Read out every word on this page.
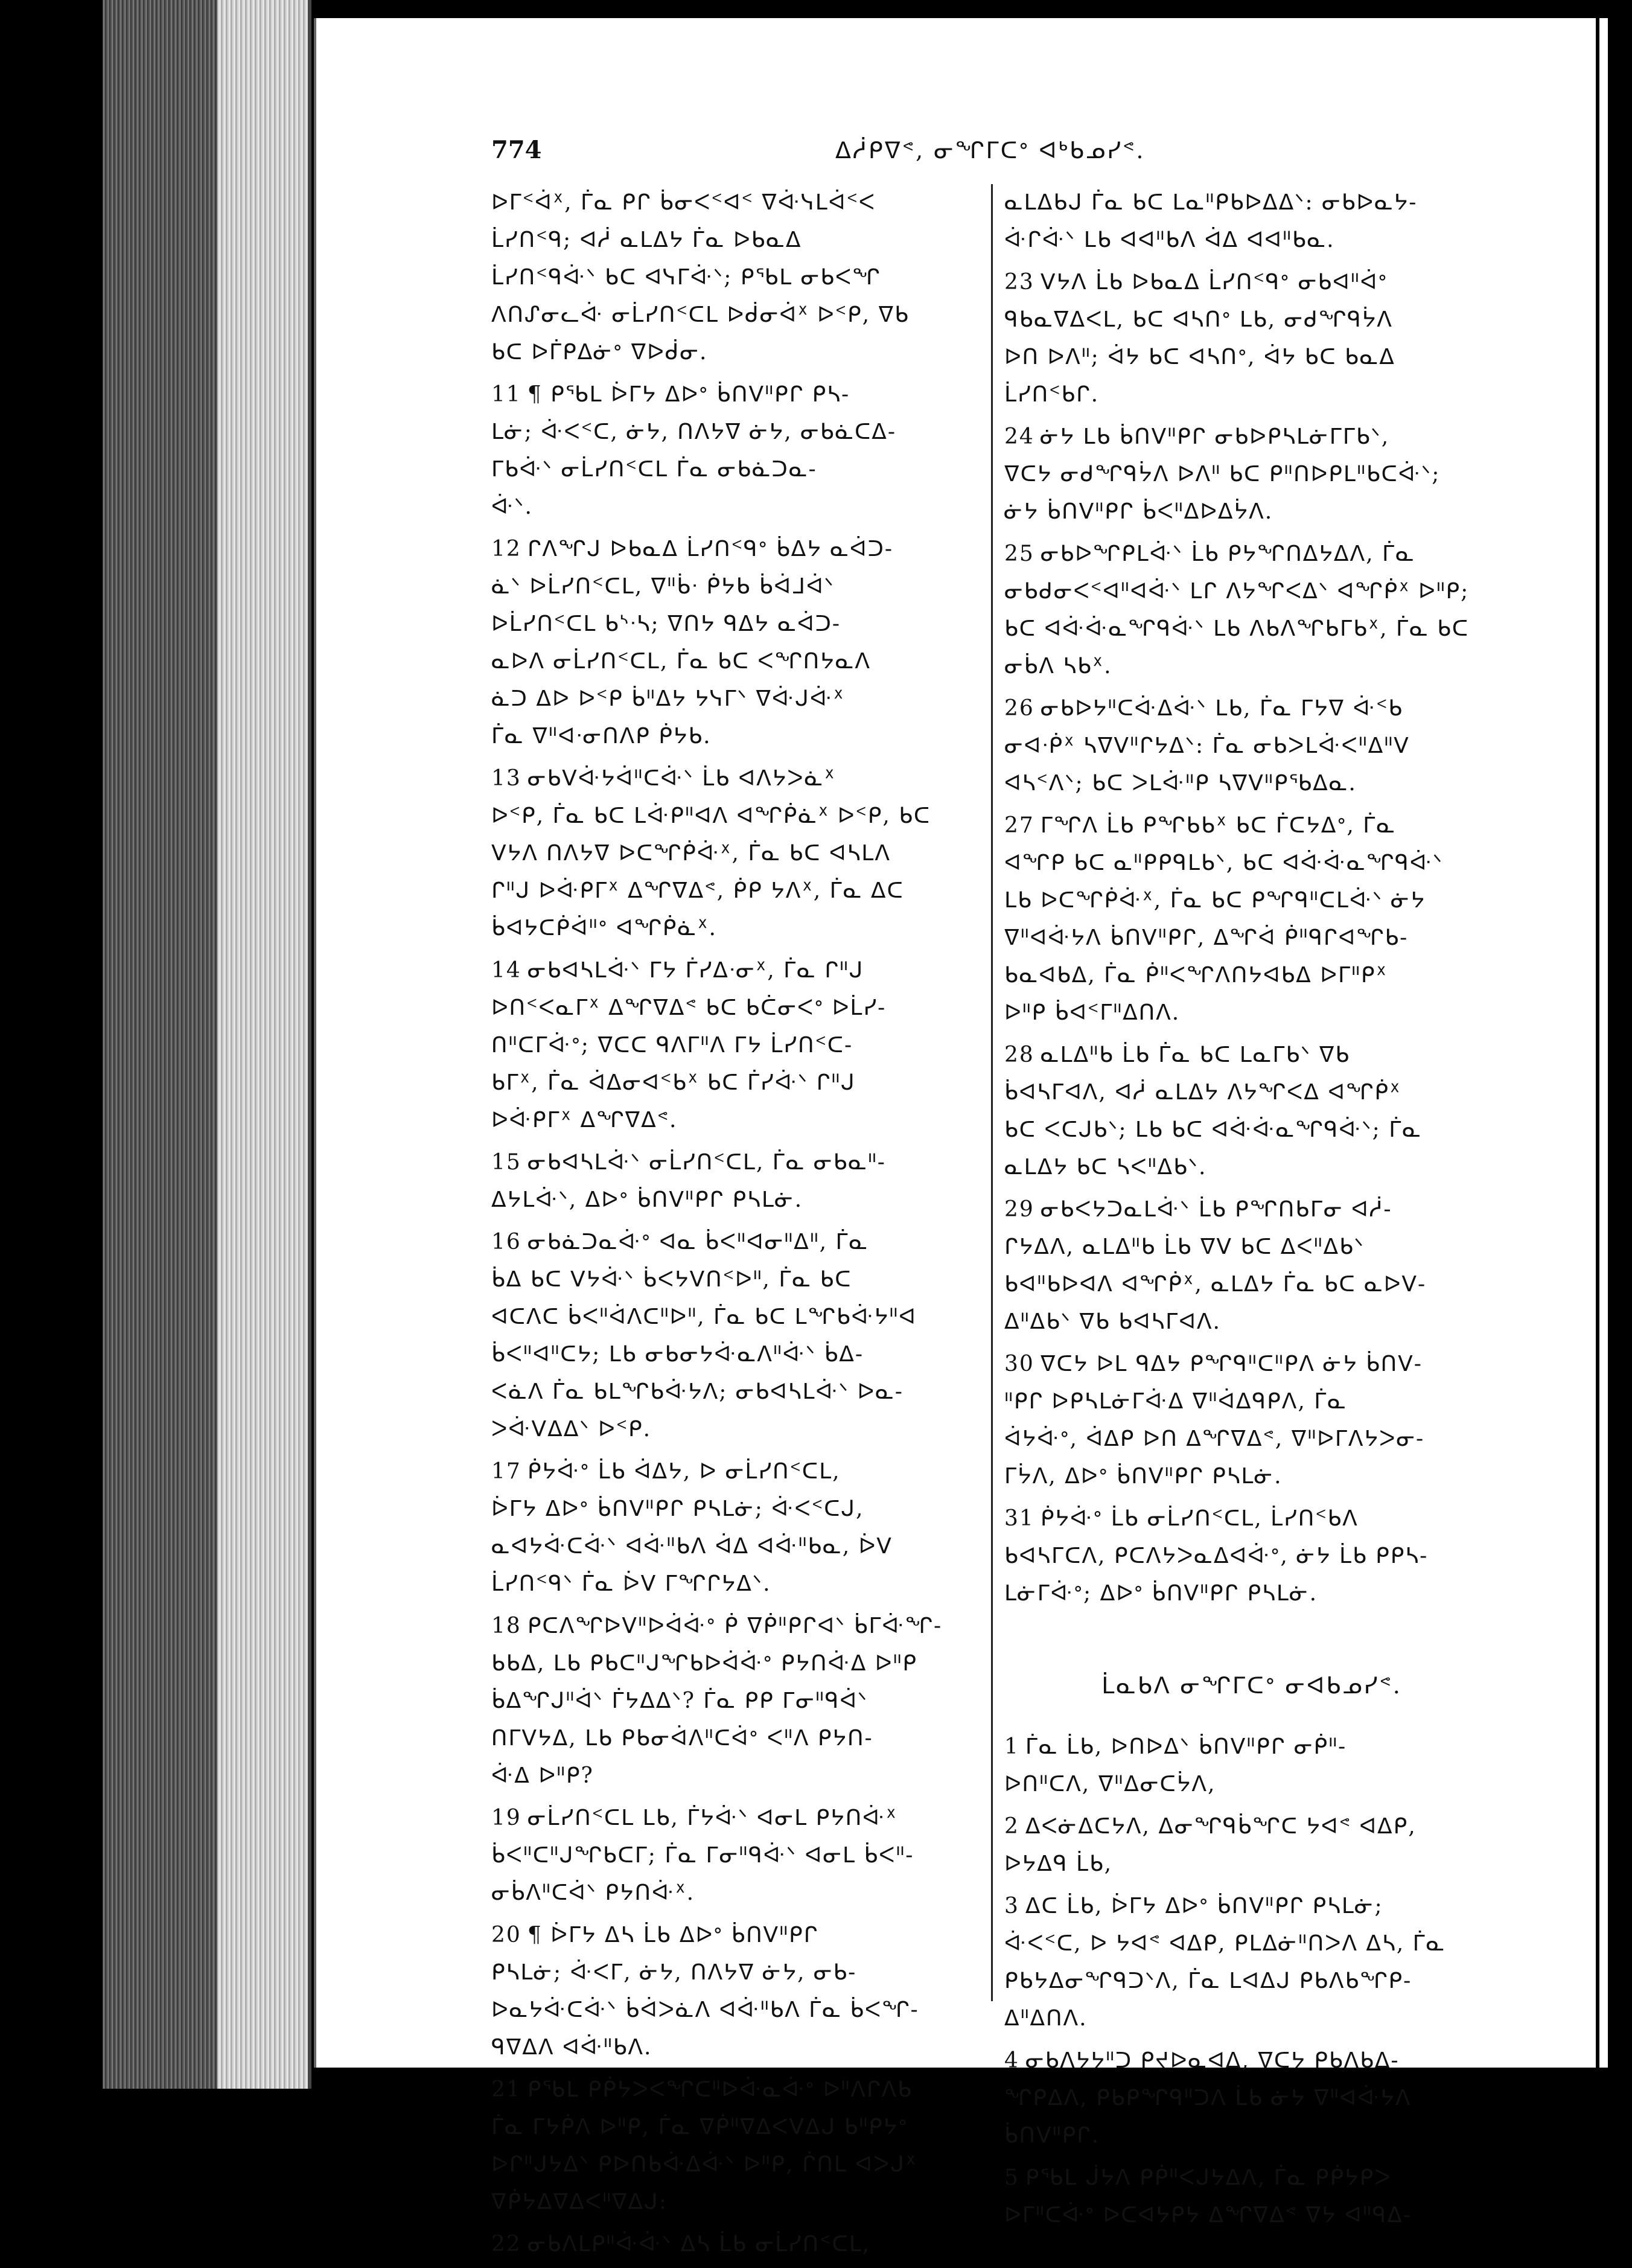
774	ᐃᓲᑭᐁᕝ, ᓂᖏᒥᑕᐤ ᐊᒃᑲᓄᓯᕝ.
ᐅᒥᑉᐋᕽ, ᒦᓇ ᑭᒋ ᑳᓂᐸᑉᐊᑉ ᐁᐚᓭᒪᐋᑉᐸ
ᒫᓯᑎᑉᑫ; ᐊᓲ ᓇᒪᐃᔭ ᒦᓇ ᐅᑲᓇᐃ
ᒫᓯᑎᑉᑫᐚᐠ ᑲᑕ ᐊᓭᒥᐚᐠ; ᑭᖃᒪ ᓂᑲᐸᖏ
ᐱᑎᔑᓂᓚᐚ ᓂᒫᓯᑎᑉᑕᒪ ᐅᑰᓂᐋᕽ ᐅᑉᑭ, ᐁᑲ
ᑲᑕ ᐅᒦᑭᐃᓃᐤ ᐁᐅᑰᓂ.
11 ¶ ᑭᖃᒪ ᐆᒥᔭ ᐃᐅᐤ ᑳᑎᐯᐦᑭᒋ ᑭᓴ-
ᒪᓃ; ᐚᐸᑉᑕ, ᓃᔭ, ᑎᐱᔭᐁ ᓃᔭ, ᓂᑲᓈᑕᐃ-
ᒥᑲᐚᐠ ᓂᒫᓯᑎᑉᑕᒪ ᒦᓇ ᓂᑲᓈᑐᓇ-
ᐚᐠ.
12 ᒋᐱᖏᒍ ᐅᑲᓇᐃ ᒫᓯᑎᑉᑫᐤ ᑳᐃᔭ ᓇᐋᑐ-
ᓈᐠ ᐅᒫᓯᑎᑉᑕᒪ, ᐁᐦᑳᐧ ᑮᔭᑲ ᑳᐋᒧᐋᐠ
ᐅᒫᓯᑎᑉᑕᒪ ᑲᔅᐧᓴ; ᐁᑎᔭ ᑫᐃᔭ ᓇᐋᑐ-
ᓇᐅᐱ ᓂᒫᓯᑎᑉᑕᒪ, ᒦᓇ ᑲᑕ ᐸᖏᑎᔭᓇᐱ
ᓈᑐ ᐃᐅ ᐅᑉᑭ ᑳᐦᐃᔭ ᔭᓭᒥᐠ ᐁᐚᒍᐚᕽ
ᒦᓇ ᐁᐦᐊᐧᓂᑎᐱᑭ ᑮᔭᑲ.
13 ᓂᑲᐯᐚᔭᐋᐦᑕᐚᐠ ᒫᑲ ᐊᐱᔭᐳᓈᕽ
ᐅᑉᑭ, ᒦᓇ ᑲᑕ ᒪᐚᑭᐦᐊᐱ ᐊᖏᑮᓈᕽ ᐅᑉᑭ, ᑲᑕ
ᐯᔭᐱ ᑎᐱᔭᐁ ᐅᑕᖏᑮᐚᕽ, ᒦᓇ ᑲᑕ ᐊᓴᒪᐱ
ᒋᐦᒍ ᐅᐚᑭᒥᕽ ᐃᖏᐁᐃᕝ, ᑮᑭ ᔭᐱᕽ, ᒦᓇ ᐃᑕ
ᑳᐊᔭᑕᑮᐋᐦᐤ ᐊᖏᑮᓈᕽ.
14 ᓂᑲᐊᓴᒪᐚᐠ ᒥᔭ ᒦᓯᐃᐧᓂᕽ, ᒦᓇ ᒋᐦᒍ
ᐅᑎᑉᐸᓇᒥᕽ ᐃᖏᐁᐃᕝ ᑲᑕ ᑲᑖᓂᐸᐤ ᐅᒫᓯ-
ᑎᐦᑕᒥᐚᐤ; ᐁᑕᑕ ᑫᐱᒥᐦᐱ ᒥᔭ ᒫᓯᑎᑉᑕ-
ᑲᒥᕽ, ᒦᓇ ᐋᐃᓂᐊᑉᑲᕽ ᑲᑕ ᒦᓯᐚᐠ ᒋᐦᒍ
ᐅᐚᑭᒥᕽ ᐃᖏᐁᐃᕝ.
15 ᓂᑲᐊᓴᒪᐚᐠ ᓂᒫᓯᑎᑉᑕᒪ, ᒦᓇ ᓂᑲᓇᐦ-
ᐃᔭᒪᐚᐠ, ᐃᐅᐤ ᑳᑎᐯᐦᑭᒋ ᑭᓴᒪᓃ.
16 ᓂᑲᓈᑐᓇᐚᐤ ᐊᓇ ᑳᐸᐦᐊᓂᐦᐃᐦ, ᒦᓇ
ᑳᐃ ᑲᑕ ᐯᔭᐚᐠ ᑳᐸᔭᐯᑎᑉᐅᐦ, ᒦᓇ ᑲᑕ
ᐊᑕᐱᑕ ᑳᐸᐦᐋᐱᑕᐦᐅᐦ, ᒦᓇ ᑲᑕ ᒪᖏᑲᐚᔭᐦᐊ
ᑳᐸᐦᐊᐦᑕᔭ; ᒪᑲ ᓂᑲᓂᔭᐚᓇᐱᐦᐚᐠ ᑳᐃ-
ᐸᓈᐱ ᒦᓇ ᑲᒪᖏᑲᐚᔭᐱ; ᓂᑲᐊᓴᒪᐚᐠ ᐅᓇ-
ᐳᐚᐯᐃᐃᐠ ᐅᑉᑭ.
17 ᑮᔭᐚᐤ ᒫᑲ ᐋᐃᔭ, ᐅ ᓂᒫᓯᑎᑉᑕᒪ,
ᐆᒥᔭ ᐃᐅᐤ ᑳᑎᐯᐦᑭᒋ ᑭᓴᒪᓃ; ᐚᐸᑉᑕᒍ,
ᓇᐊᔭᐚᑕᐚᐠ ᐊᐚᐦᑲᐱ ᐋᐃ ᐊᐚᐦᑲᓇ, ᐆᐯ
ᒫᓯᑎᑉᑫᐠ ᒦᓇ ᐆᐯ ᒥᖏᒋᔭᐃᐠ.
18 ᑭᑕᐱᖏᐅᐯᐦᐅᐋᐚᐤ ᑮ ᐁᑮᐦᑭᒋᐊᐠ ᑳᒥᐚᖏ-
ᑲᑲᐃ, ᒪᑲ ᑭᑲᑕᐦᒍᖏᑲᐅᐋᐚᐤ ᑭᔭᑎᐚᐃ ᐅᐦᑭ
ᑳᐃᖏᒍᐦᐋᐠ ᒦᔭᐃᐃᐠ? ᒦᓇ ᑭᑭ ᒥᓂᐦᑫᐋᐠ
ᑎᒥᐯᔭᐃ, ᒪᑲ ᑭᑲᓂᐋᐱᐦᑕᐋᐤ ᐸᐦᐱ ᑭᔭᑎ-
ᐚᐃ ᐅᐦᑭ?
19 ᓂᒫᓯᑎᑉᑕᒪ ᒪᑲ, ᒦᔭᐚᐠ ᐊᓂᒪ ᑭᔭᑎᐚᕽ
ᑳᐸᐦᑕᐦᒍᖏᑲᑕᒥ; ᒦᓇ ᒥᓂᐦᑫᐚᐠ ᐊᓂᒪ ᑳᐸᐦ-
ᓂᑳᐱᐦᑕᐋᐠ ᑭᔭᑎᐚᕽ.
20 ¶ ᐆᒥᔭ ᐃᓴ ᒫᑲ ᐃᐅᐤ ᑳᑎᐯᐦᑭᒋ
ᑭᓴᒪᓃ; ᐚᐸᒥ, ᓃᔭ, ᑎᐱᔭᐁ ᓃᔭ, ᓂᑲ-
ᐅᓇᔭᐚᑕᐚᐠ ᑳᐋᐳᓈᐱ ᐊᐚᐦᑲᐱ ᒦᓇ ᑳᐸᖏ-
ᑫᐁᐃᐱ ᐊᐚᐦᑲᐱ.
21 ᑭᖃᒪ ᑭᑮᔭᐳᐸᖏᑕᐦᐅᐚᓇᐚᐤ ᐅᐦᐱᒋᐱᑲ
ᒦᓇ ᒥᔭᑮᐱ ᐅᐦᑭ, ᒦᓇ ᐁᑮᐦᐁᐃᐸᐯᐃᒍ ᑲᐦᑭᔭᐤ
ᐅᒋᐦᒍᔭᐃᐠ ᑭᐅᑎᑲᐚᐃᐚᐠ ᐅᐦᑭ, ᒌᑎᒪ ᐊᐳᒍᕽ
ᐁᑮᔭᐃᐁᐃᐸᐦᐁᐃᒍ:
22 ᓂᑲᐱᒪᑭᐦᐚᐚᐠ ᐃᓴ ᒫᑲ ᓂᒫᓯᑎᑉᑕᒪ,
ᓇᒪᐃᑲᒍ ᒦᓇ ᑲᑕ ᒪᓇᐦᑭᑲᐅᐃᐃᐠ: ᓂᑲᐅᓇᔭ-
ᐚᒋᐚᐠ ᒪᑲ ᐊᐊᐦᑲᐱ ᐋᐃ ᐊᐊᐦᑲᓇ.
23 ᐯᔭᐱ ᒫᑲ ᐅᑲᓇᐃ ᒫᓯᑎᑉᑫᐤ ᓂᑲᐊᐦᐋᐤ
ᑫᑲᓇᐁᐃᐸᒪ, ᑲᑕ ᐊᓴᑎᐤ ᒪᑲ, ᓂᑯᖏᑫᔮᐱ
ᐅᑎ ᐅᐱᐦ; ᐋᔭ ᑲᑕ ᐊᓴᑎᐤ, ᐋᔭ ᑲᑕ ᑲᓇᐃ
ᒫᓯᑎᑉᑲᒋ.
24 ᓃᔭ ᒪᑲ ᑳᑎᐯᐦᑭᒋ ᓂᑲᐅᑭᓴᒪᓃᒥᒥᑲᐠ,
ᐁᑕᔭ ᓂᑯᖏᑫᔮᐱ ᐅᐱᐦ ᑲᑕ ᑭᐦᑎᐅᑭᒪᐦᑲᑕᐚᐠ;
ᓃᔭ ᑳᑎᐯᐦᑭᒋ ᑳᐸᐦᐃᐅᐃᔮᐱ.
25 ᓂᑲᐅᖏᑭᒪᐚᐠ ᒫᑲ ᑭᔭᖏᑎᐃᔭᐃᐱ, ᒦᓇ
ᓂᑲᑯᓂᐸᑉᐊᐦᐊᐚᐠ ᒪᒋ ᐱᔭᖏᐸᐃᐠ ᐊᖏᑮᕽ ᐅᐦᑭ;
ᑲᑕ ᐊᐚᐚᓇᖏᑫᐚᐠ ᒪᑲ ᐱᑲᐱᖏᑲᒥᑲᕽ, ᒦᓇ ᑲᑕ
ᓂᑳᐱ ᓴᑲᕽ.
26 ᓂᑲᐅᔭᐦᑕᐚᐃᐚᐠ ᒪᑲ, ᒦᓇ ᒥᔭᐁ ᐚᑉᑲ
ᓂᐊᐧᑮᕽ ᓴᐁᐯᐦᒋᔭᐃᐠ: ᒦᓇ ᓂᑲᐳᒪᐚᐸᐦᐃᐦᐯ
ᐊᓴᑉᐱᐠ; ᑲᑕ ᐳᒪᐚᐦᑭ ᓴᐁᐯᐦᑭᖃᐃᓇ.
27 ᒥᖏᐱ ᒫᑲ ᑭᖏᑲᑲᕽ ᑲᑕ ᒦᑕᔭᐃᐤ, ᒦᓇ
ᐊᖏᑭ ᑲᑕ ᓇᐦᑭᑭᑫᒪᑲᐠ, ᑲᑕ ᐊᐚᐚᓇᖏᑫᐚᐠ
ᒪᑲ ᐅᑕᖏᑮᐚᕽ, ᒦᓇ ᑲᑕ ᑭᖏᑫᐦᑕᒪᐚᐠ ᓃᔭ
ᐁᐦᐊᐚᔭᐱ ᑳᑎᐯᐦᑭᒋ, ᐃᖏᐋ ᑮᐦᑫᒋᐊᖏᑲ-
ᑲᓇᐊᑲᐃ, ᒦᓇ ᑮᐦᐸᖏᐱᑎᔭᐊᑲᐃ ᐅᒥᐦᑭᕽ
ᐅᐦᑭ ᑳᐊᑉᒥᐦᐃᑎᐱ.
28 ᓇᒪᐃᐦᑲ ᒫᑲ ᒦᓇ ᑲᑕ ᒪᓇᒥᑲᐠ ᐁᑲ
ᑳᐊᓴᒥᐊᐱ, ᐊᓲ ᓇᒪᐃᔭ ᐱᔭᖏᐸᐃ ᐊᖏᑮᕽ
ᑲᑕ ᐸᑕᒍᑲᐠ; ᒪᑲ ᑲᑕ ᐊᐚᐚᓇᖏᑫᐚᐠ; ᒦᓇ
ᓇᒪᐃᔭ ᑲᑕ ᓴᐸᐦᐃᑲᐠ.
29 ᓂᑲᐸᔭᑐᓇᒪᐚᐠ ᒫᑲ ᑭᖏᑎᑲᒥᓂ ᐊᓲ-
ᒋᔭᐃᐱ, ᓇᒪᐃᐦᑲ ᒫᑲ ᐁᐯ ᑲᑕ ᐃᐸᐦᐃᑲᐠ
ᑲᐊᐦᑲᐅᐊᐱ ᐊᖏᑮᕽ, ᓇᒪᐃᔭ ᒦᓇ ᑲᑕ ᓇᐅᐯ-
ᐃᐦᐃᑲᐠ ᐁᑲ ᑲᐊᓴᒥᐊᐱ.
30 ᐁᑕᔭ ᐅᒪ ᑫᐃᔭ ᑭᖏᑫᐦᑕᐦᑭᐱ ᓃᔭ ᑳᑎᐯ-
ᐦᑭᒋ ᐅᑭᓴᒪᓃᒥᐚᐃ ᐁᐦᐋᐃᑫᑭᐱ, ᒦᓇ
ᐋᔭᐚᐤ, ᐋᐃᑭ ᐅᑎ ᐃᖏᐁᐃᕝ, ᐁᐦᐅᒥᐱᔭᐳᓂ-
ᒥᔮᐱ, ᐃᐅᐤ ᑳᑎᐯᐦᑭᒋ ᑭᓴᒪᓃ.
31 ᑮᔭᐚᐤ ᒫᑲ ᓂᒫᓯᑎᑉᑕᒪ, ᒫᓯᑎᑉᑲᐱ
ᑲᐊᓴᒥᑕᐱ, ᑭᑕᐱᔭᐳᓇᐃᐊᐚᐤ, ᓃᔭ ᒫᑲ ᑭᑭᓴ-
ᒪᓃᒥᐚᐤ; ᐃᐅᐤ ᑳᑎᐯᐦᑭᒋ ᑭᓴᒪᓃ.
ᒫᓇᑲᐱ ᓂᖏᒥᑕᐤ ᓂᐊᑲᓄᓯᕝ.
1 ᒦᓇ ᒫᑲ, ᐅᑎᐅᐃᐠ ᑳᑎᐯᐦᑭᒋ ᓂᑮᐦ-
ᐅᑎᐦᑕᐱ, ᐁᐦᐃᓂᑕᔮᐱ,
2 ᐃᐸᓃᐃᑕᔭᐱ, ᐃᓂᖏᑫᑳᖏᑕ ᔭᐊᕝ ᐊᐃᑭ,
ᐅᔭᐃᑫ ᒫᑲ,
3 ᐃᑕ ᒫᑲ, ᐆᒥᔭ ᐃᐅᐤ ᑳᑎᐯᐦᑭᒋ ᑭᓴᒪᓃ;
ᐚᐸᑉᑕ, ᐅ ᔭᐊᕝ ᐊᐃᑭ, ᑭᒪᐃᓃᐦᑎᐳᐱ ᐃᓴ, ᒦᓇ
ᑭᑲᔭᐃᓂᖏᑫᑐᐠᐱ, ᒦᓇ ᒪᐊᐃᒍ ᑭᑲᐱᑲᖏᑭ-
ᐃᐦᐃᑎᐱ.
4 ᓂᑲᐱᔭᔭᐦᑐ ᑭᔪᐅᓇᐊᐃ, ᐁᑕᔭ ᑭᑲᐱᑲᐃ-
ᖏᑭᐃᐱ, ᑭᑲᑭᖏᑫᐦᑐᐱ ᒫᑲ ᓃᔭ ᐁᐦᐊᐚᔭᐱ
ᑳᑎᐯᐦᑭᒋ.
5 ᑭᖃᒪ ᒎᔭᐱ ᑭᑮᐦᐸᒍᔭᐃᐱ, ᒦᓇ ᑭᑮᔭᑭᐳ
ᐅᒥᐦᑕᐚᐤ ᐅᑕᐊᔭᑭᔭ ᐃᖏᐁᐃᕝ ᐁᔭ ᐊᐦᑫᐃ-
